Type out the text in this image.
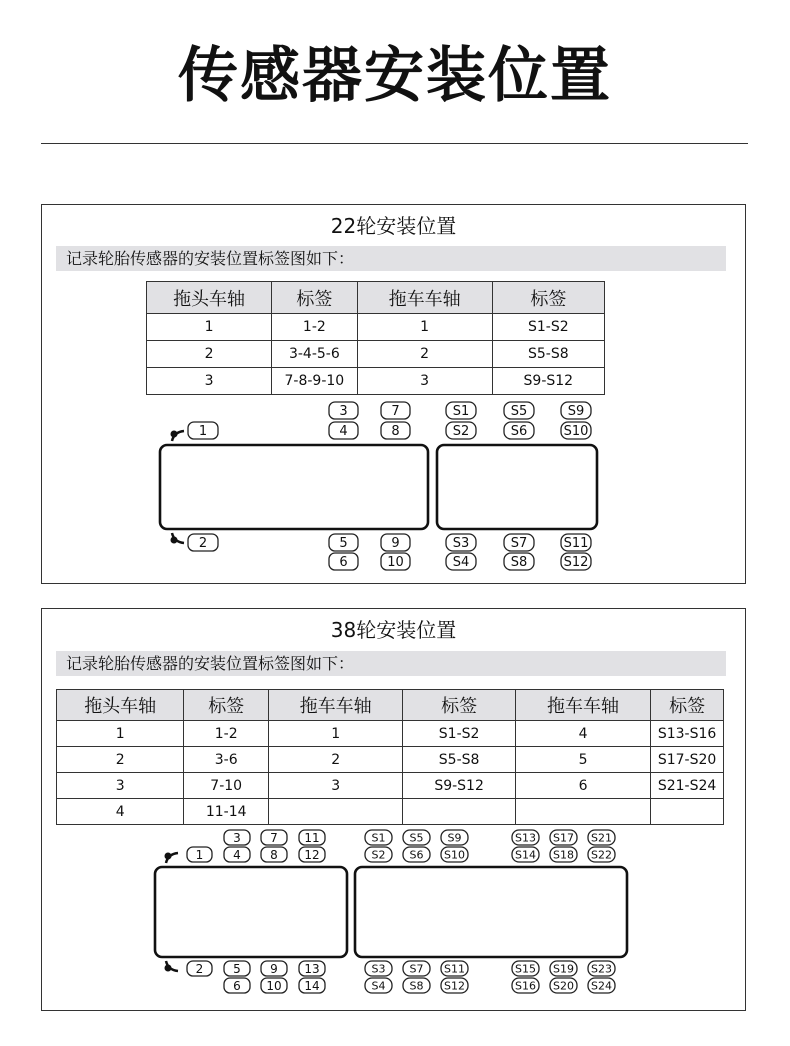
传感器安装位置
22轮安装位置
记录轮胎传感器的安装位置标签图如下：
拖头车轴	标签	拖车车轴	标签
1	1-2	1	S1-S2
2	3-4-5-6	2	S5-S8
3	7-8-9-10	3	S9-S12
1
2
3	7
4	8
5	9
6	10
S1	S5	S9
S2	S6	S10
S3	S7	S11
S4	S8	S12
38轮安装位置
记录轮胎传感器的安装位置标签图如下：
拖头车轴	标签	拖车车轴	标签	拖车车轴	标签
1	1-2	1	S1-S2	4	S13-S16
2	3-6	2	S5-S8	5	S17-S20
3	7-10	3	S9-S12	6	S21-S24
4	11-14				
1
2
3 7 11
4 8 12
5 9 13
6 10 14
S1 S5 S9	S13 S17 S21
S2 S6 S10	S14 S18 S22
S3 S7 S11	S15 S19 S23
S4 S8 S12	S16 S20 S24
